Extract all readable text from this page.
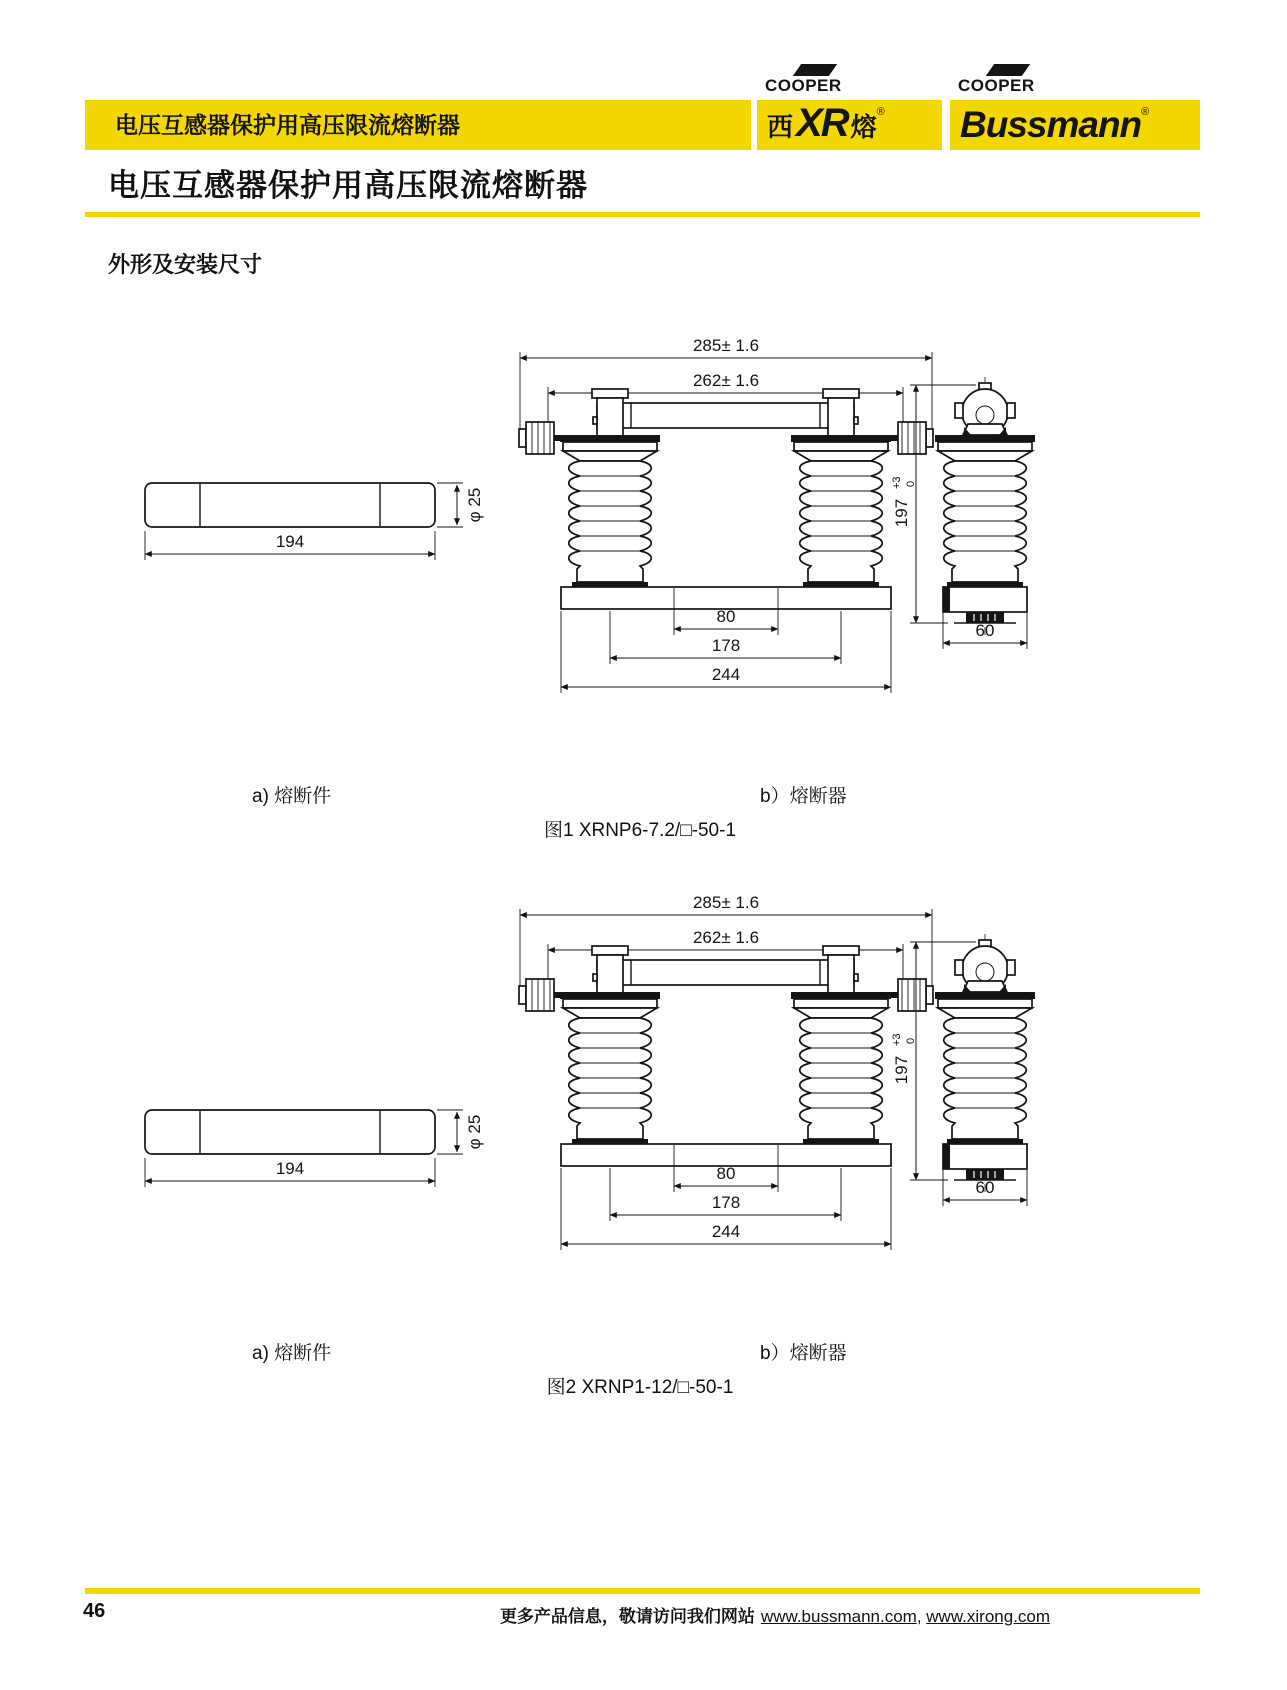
电压互感器保护用高压限流熔断器
COOPER
西 XR 熔 ®
COOPER
Bussmann ®
电压互感器保护用高压限流熔断器
外形及安装尺寸
φ 25
194
285± 1.6
262± 1.6
80
178
244
197
+3 0
60
a) 熔断件	b）熔断器
图1 XRNP6-7.2/□-50-1
φ 25
194
285± 1.6
262± 1.6
80
178
244
197
+3 0
60
a) 熔断件	b）熔断器
图2 XRNP1-12/□-50-1
46	更多产品信息，敬请访问我们网站 www.bussmann.com, www.xirong.com
